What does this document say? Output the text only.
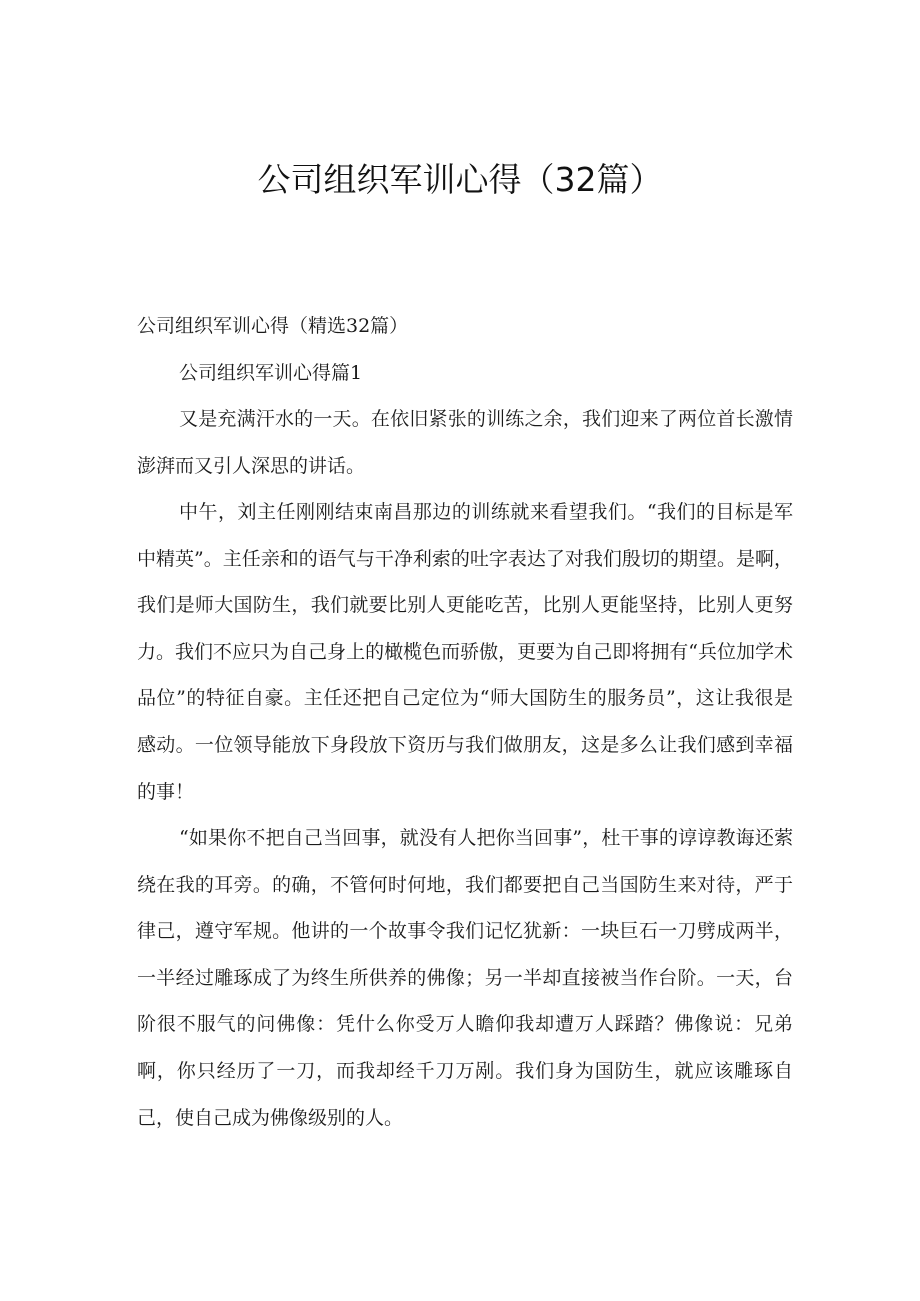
公司组织军训心得（32篇）

公司组织军训心得（精选32篇）

公司组织军训心得篇1

又是充满汗水的一天。在依旧紧张的训练之余，我们迎来了两位首长激情澎湃而又引人深思的讲话。

中午，刘主任刚刚结束南昌那边的训练就来看望我们。“我们的目标是军中精英”。主任亲和的语气与干净利索的吐字表达了对我们殷切的期望。是啊，我们是师大国防生，我们就要比别人更能吃苦，比别人更能坚持，比别人更努力。我们不应只为自己身上的橄榄色而骄傲，更要为自己即将拥有“兵位加学术品位”的特征自豪。主任还把自己定位为“师大国防生的服务员”，这让我很是感动。一位领导能放下身段放下资历与我们做朋友，这是多么让我们感到幸福的事！

“如果你不把自己当回事，就没有人把你当回事”，杜干事的谆谆教诲还萦绕在我的耳旁。的确，不管何时何地，我们都要把自己当国防生来对待，严于律己，遵守军规。他讲的一个故事令我们记忆犹新：一块巨石一刀劈成两半，一半经过雕琢成了为终生所供养的佛像；另一半却直接被当作台阶。一天，台阶很不服气的问佛像：凭什么你受万人瞻仰我却遭万人踩踏？佛像说：兄弟啊，你只经历了一刀，而我却经千刀万剐。我们身为国防生，就应该雕琢自己，使自己成为佛像级别的人。
